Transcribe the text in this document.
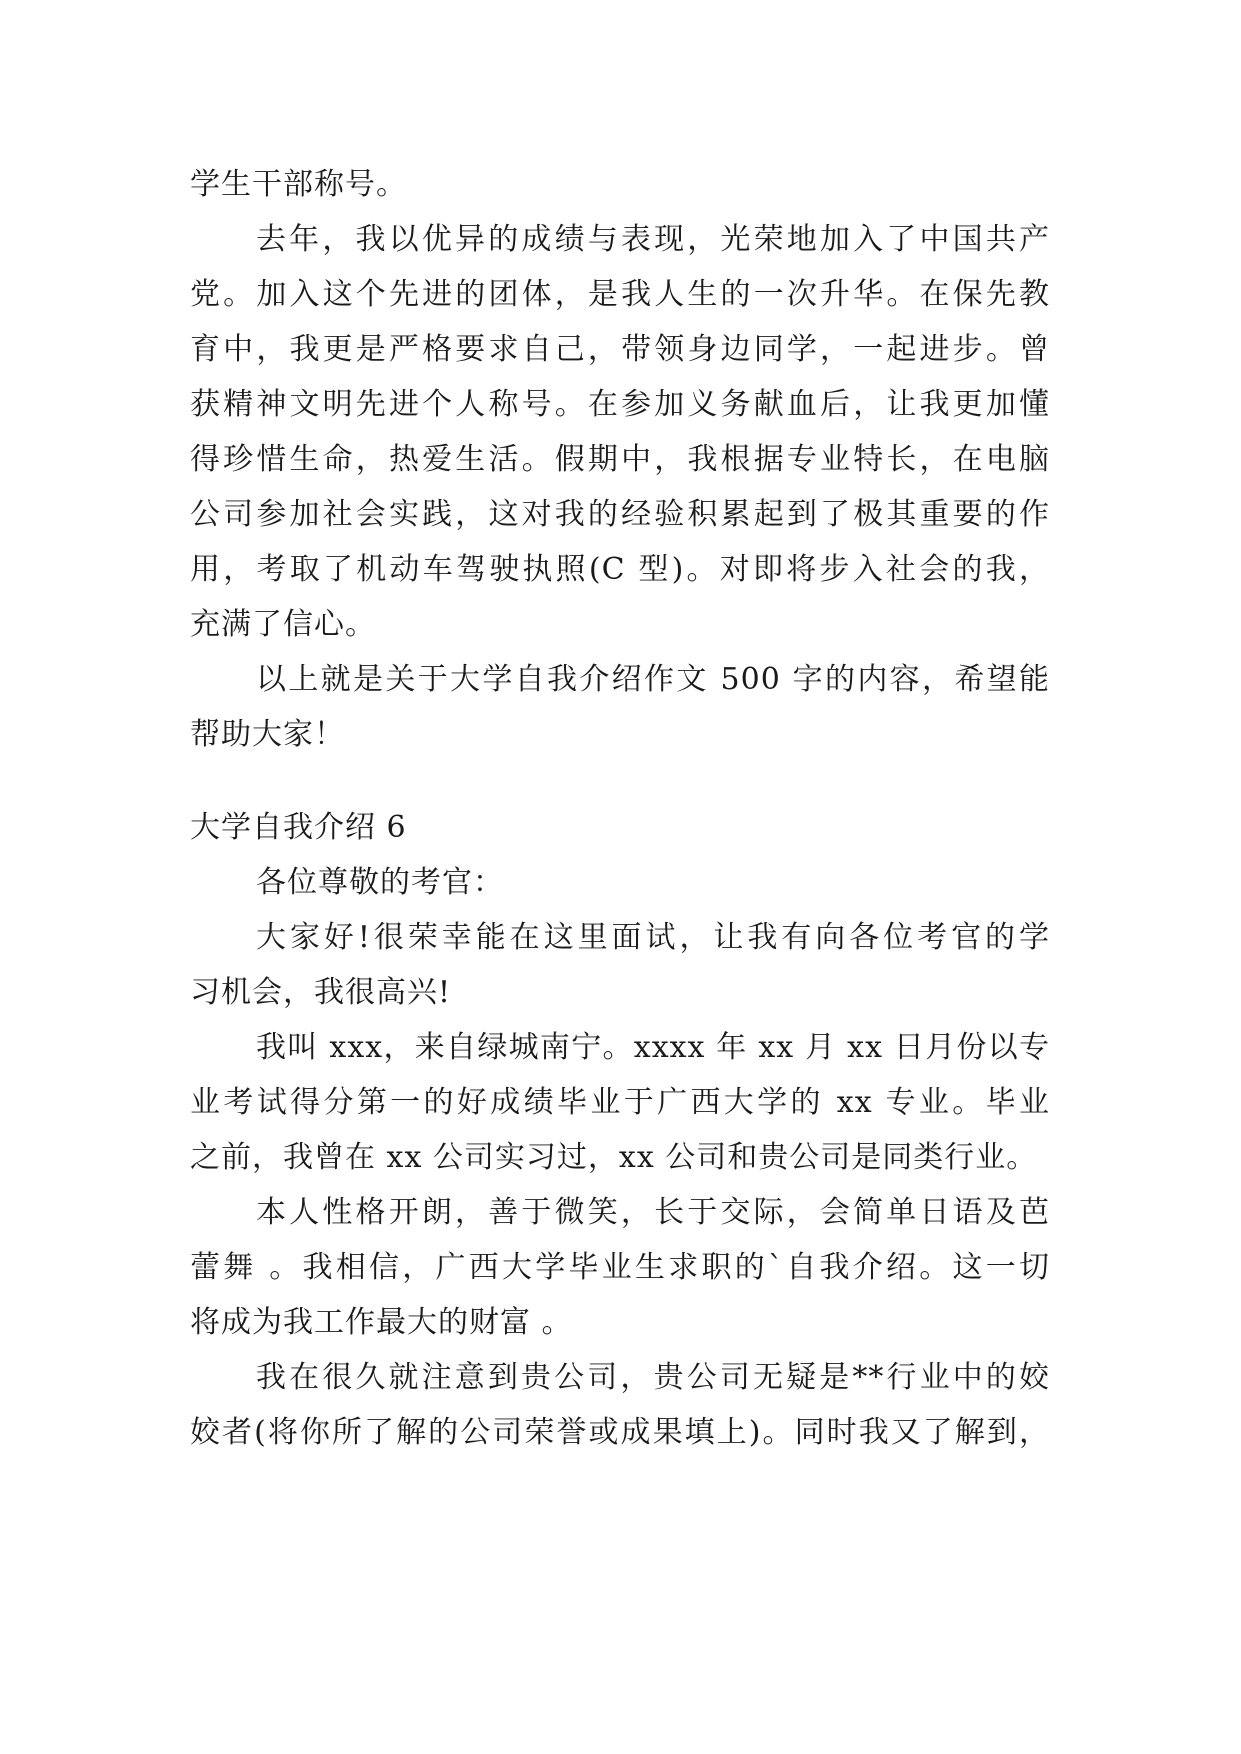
学生干部称号。
去年，我以优异的成绩与表现，光荣地加入了中国共产
党。加入这个先进的团体，是我人生的一次升华。在保先教
育中，我更是严格要求自己，带领身边同学，一起进步。曾
获精神文明先进个人称号。在参加义务献血后，让我更加懂
得珍惜生命，热爱生活。假期中，我根据专业特长，在电脑
公司参加社会实践，这对我的经验积累起到了极其重要的作
用，考取了机动车驾驶执照(C 型)。对即将步入社会的我，
充满了信心。
以上就是关于大学自我介绍作文 500 字的内容，希望能
帮助大家！
大学自我介绍 6
各位尊敬的考官：
大家好!很荣幸能在这里面试，让我有向各位考官的学
习机会，我很高兴!
我叫 xxx，来自绿城南宁。xxxx 年 xx 月 xx 日月份以专
业考试得分第一的好成绩毕业于广西大学的 xx 专业。毕业
之前，我曾在 xx 公司实习过，xx 公司和贵公司是同类行业。
本人性格开朗，善于微笑，长于交际，会简单日语及芭
蕾舞 。我相信，广西大学毕业生求职的`自我介绍。这一切
将成为我工作最大的财富 。
我在很久就注意到贵公司，贵公司无疑是**行业中的姣
姣者(将你所了解的公司荣誉或成果填上)。同时我又了解到，
